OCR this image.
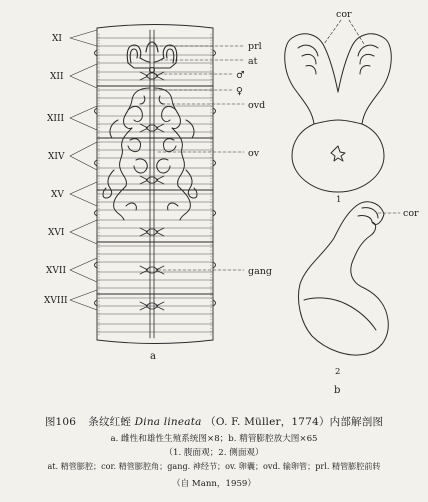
XI
XII
XIII
XIV
XV
XVI
XVII
XVIII
prl
at
♂
♀
ovd
ov
gang
cor
cor
a
1
2
b
图106 条纹红蛭 Dina lineata （O. F. Müller，1774）内部解剖图
a. 雌性和雄性生殖系统图×8；b. 精管膨腔放大图×65
（1. 腹面观；2. 侧面观）
at. 精管膨腔；cor. 精管膨腔角；gang. 神经节；ov. 卵囊；ovd. 输卵管；prl. 精管膨腔前转
（自 Mann，1959）
